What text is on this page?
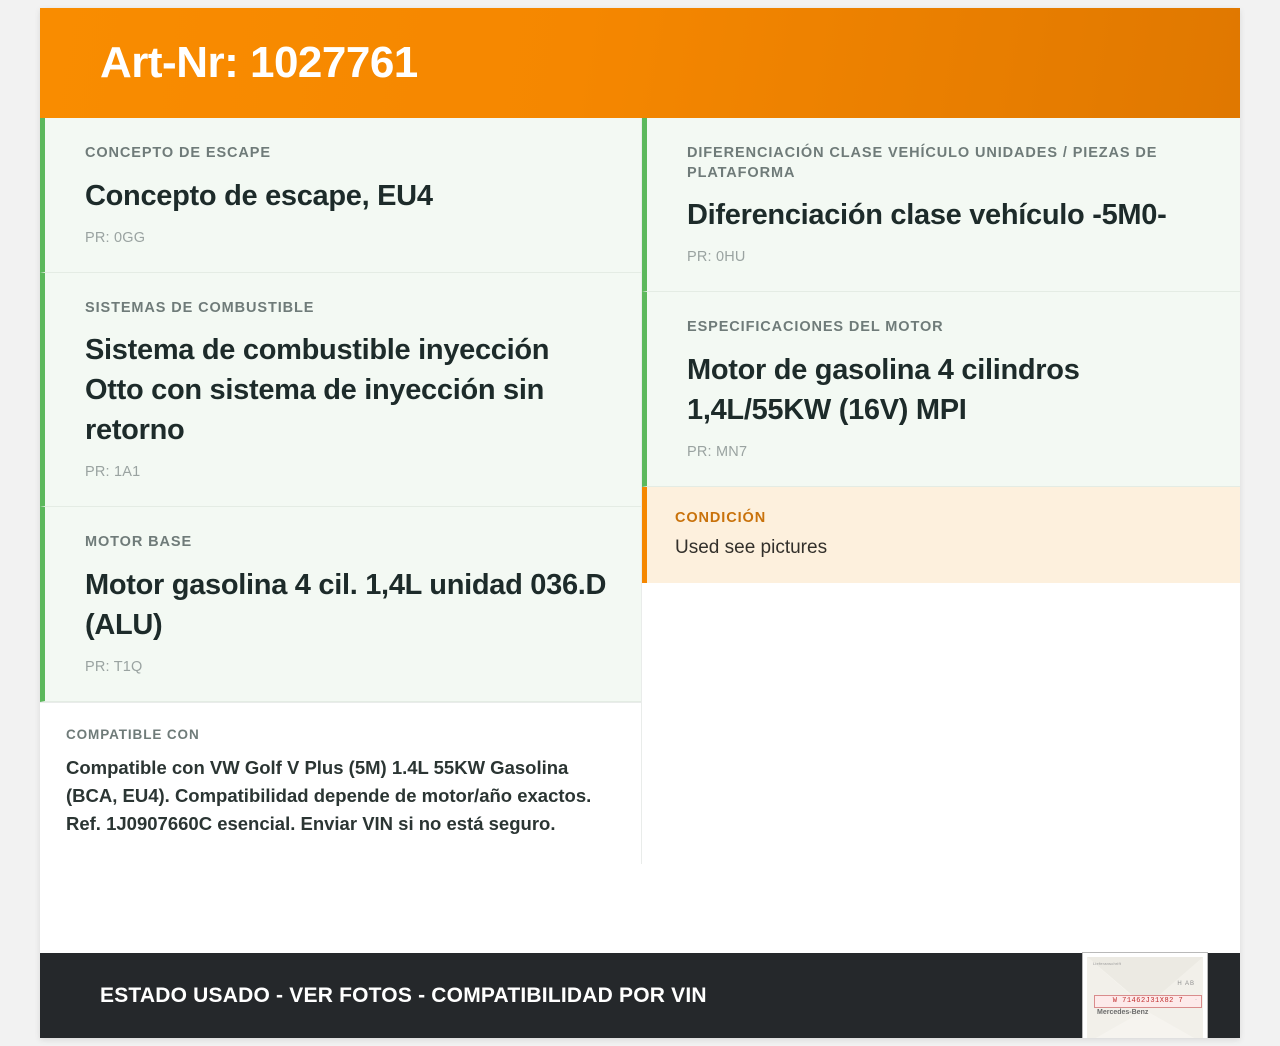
Art-Nr: 1027761
CONCEPTO DE ESCAPE
Concepto de escape, EU4
PR: 0GG
SISTEMAS DE COMBUSTIBLE
Sistema de combustible inyección Otto con sistema de inyección sin retorno
PR: 1A1
MOTOR BASE
Motor gasolina 4 cil. 1,4L unidad 036.D (ALU)
PR: T1Q
COMPATIBLE CON
Compatible con VW Golf V Plus (5M) 1.4L 55KW Gasolina (BCA, EU4). Compatibilidad depende de motor/año exactos. Ref. 1J0907660C esencial. Enviar VIN si no está seguro.
DIFERENCIACIÓN CLASE VEHÍCULO UNIDADES / PIEZAS DE PLATAFORMA
Diferenciación clase vehículo -5M0-
PR: 0HU
ESPECIFICACIONES DEL MOTOR
Motor de gasolina 4 cilindros 1,4L/55KW (16V) MPI
PR: MN7
CONDICIÓN
Used see pictures
ESTADO USADO - VER FOTOS - COMPATIBILIDAD POR VIN
Lieferanschrift
H AB
W 71462J31X82 7
Mercedes-Benz
·
